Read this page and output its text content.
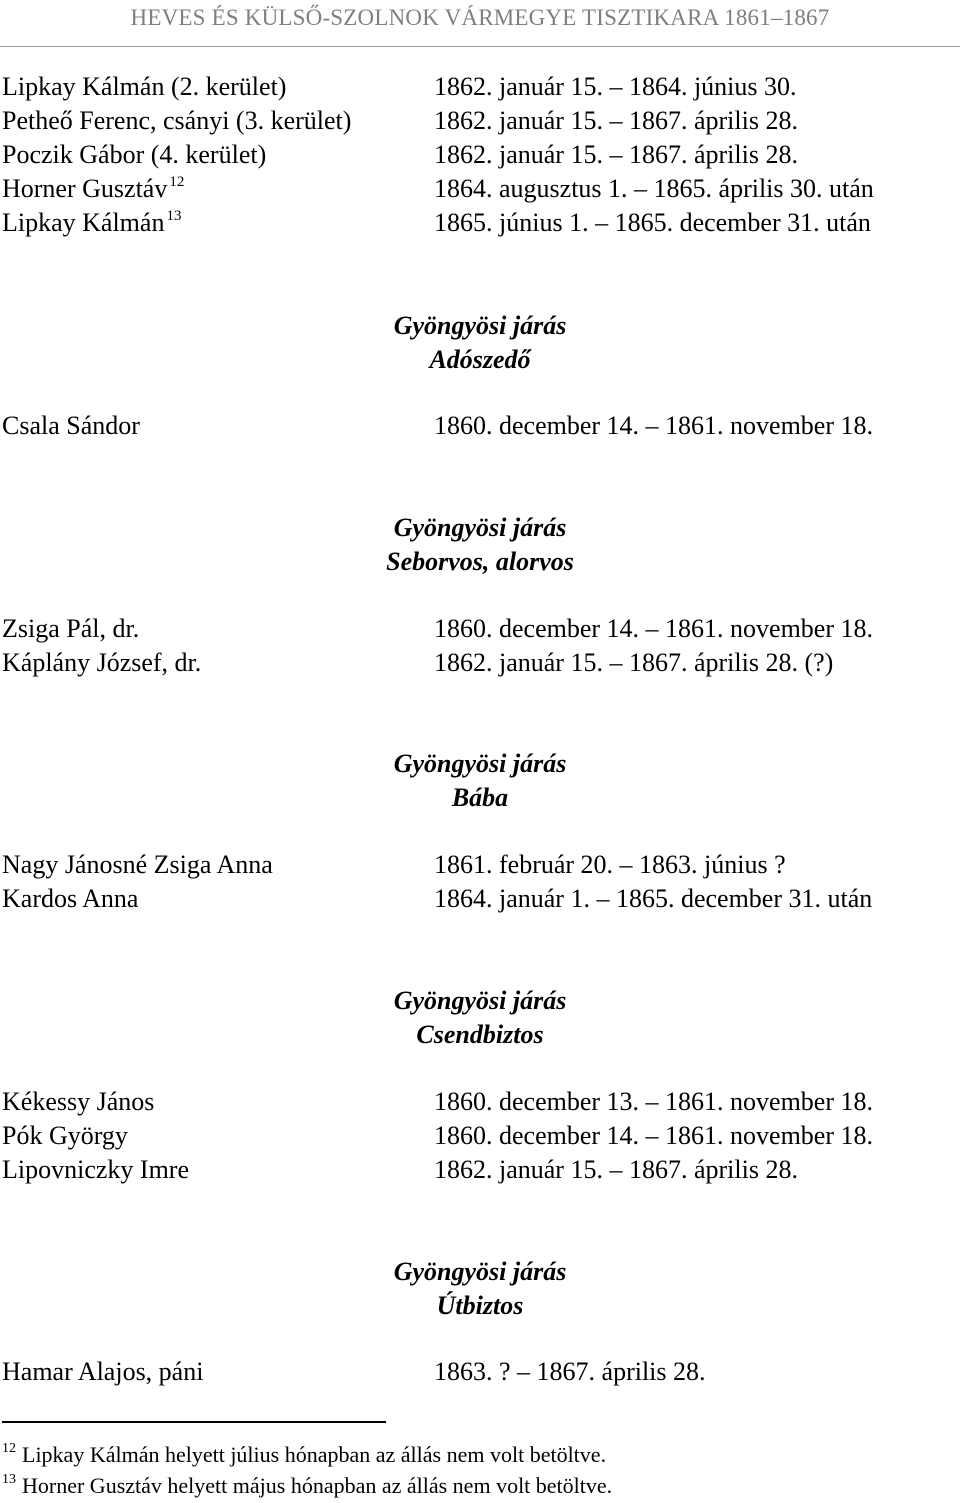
HEVES ÉS KÜLSŐ-SZOLNOK VÁRMEGYE TISZTIKARA 1861–1867
Lipkay Kálmán (2. kerület)	1862. január 15. – 1864. június 30.
Petheő Ferenc, csányi (3. kerület)	1862. január 15. – 1867. április 28.
Poczik Gábor (4. kerület)	1862. január 15. – 1867. április 28.
Horner Gusztáv $^{12}$	1864. augusztus 1. – 1865. április 30. után
Lipkay Kálmán $^{13}$	1865. június 1. – 1865. december 31. után
Gyöngyösi járás
Adószedő
Csala Sándor	1860. december 14. – 1861. november 18.
Gyöngyösi járás
Seborvos, alorvos
Zsiga Pál, dr.	1860. december 14. – 1861. november 18.
Káplány József, dr.	1862. január 15. – 1867. április 28. (?)
Gyöngyösi járás
Bába
Nagy Jánosné Zsiga Anna	1861. február 20. – 1863. június ?
Kardos Anna	1864. január 1. – 1865. december 31. után
Gyöngyösi járás
Csendbiztos
Kékessy János	1860. december 13. – 1861. november 18.
Pók György	1860. december 14. – 1861. november 18.
Lipovniczky Imre	1862. január 15. – 1867. április 28.
Gyöngyösi járás
Útbiztos
Hamar Alajos, páni	1863. ? – 1867. április 28.
$^{12}$ Lipkay Kálmán helyett július hónapban az állás nem volt betöltve.
$^{13}$ Horner Gusztáv helyett május hónapban az állás nem volt betöltve.
